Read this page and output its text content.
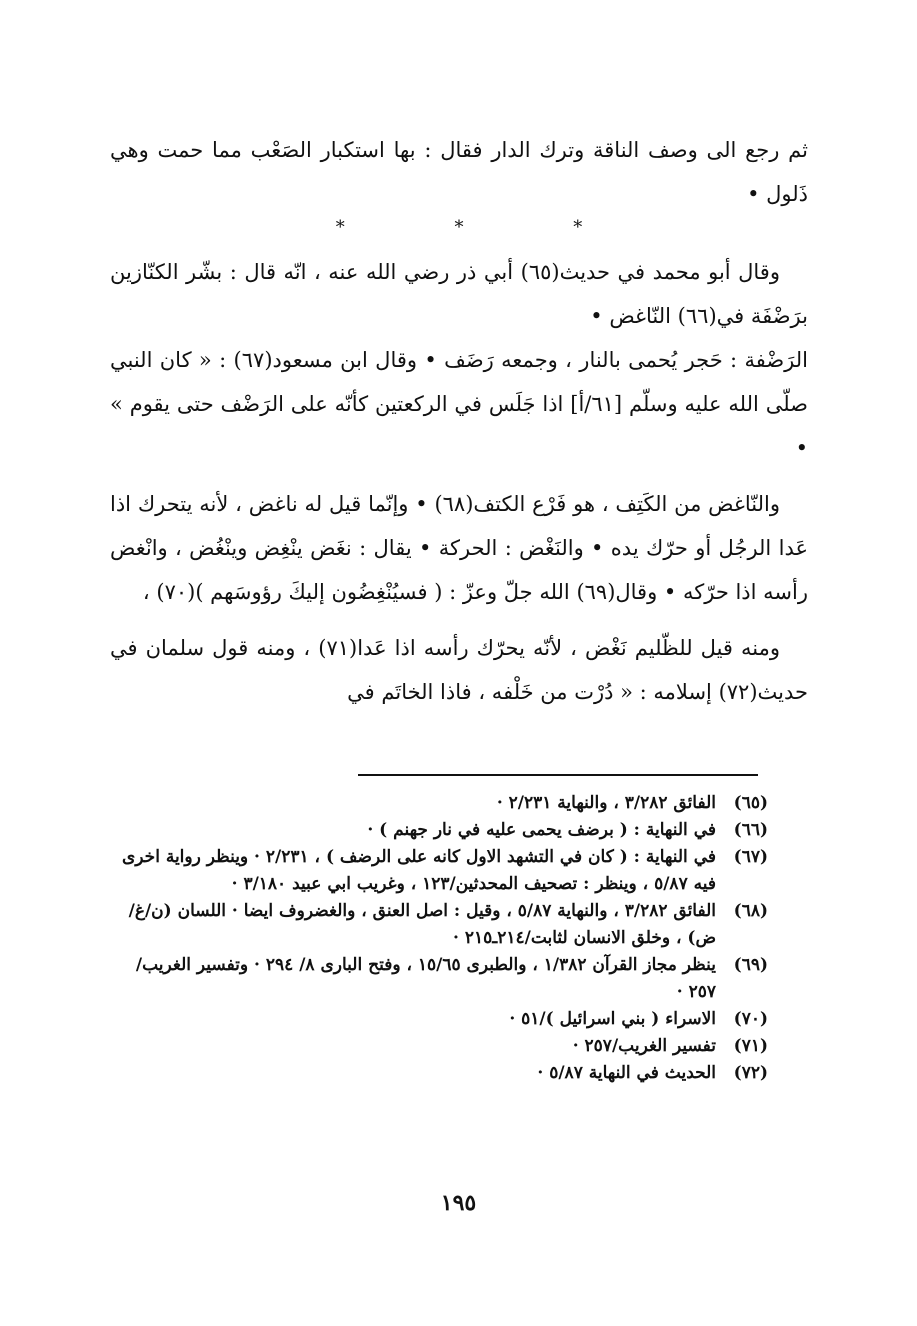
ثم رجع الى وصف الناقة وترك الدار فقال : بها استكبار الصَعْب مما حمت وهي ذَلول •

* * *

وقال أبو محمد في حديث(٦٥) أبي ذر رضي الله عنه ، انّه قال : بشّر الكنّازين برَضْفَة في(٦٦) النّاغض •

الرَضْفة : حَجر يُحمى بالنار ، وجمعه رَضَف • وقال ابن مسعود(٦٧) : « كان النبي صلّى الله عليه وسلّم [٦١/أ] اذا جَلَس في الركعتين كأنّه على الرَضْف حتى يقوم » •

والنّاغض من الكَتِف ، هو فَرْع الكتف(٦٨) • وإنّما قيل له ناغض ، لأنه يتحرك اذا عَدا الرجُل أو حرّك يده • والنَغْض : الحركة • يقال : نغَض ينْغِض وينْغُض ، وانْغض رأسه اذا حرّكه • وقال(٦٩) الله جلّ وعزّ : ( فسيُنْغِضُون إليكَ رؤوسَهم )(٧٠) ،

ومنه قيل للظّليم نَغْض ، لأنّه يحرّك رأسه اذا عَدا(٧١) ، ومنه قول سلمان في حديث(٧٢) إسلامه : « دُرْت من خَلْفه ، فاذا الخاتَم في

(٦٥)
الفائق ٣/٢٨٢ ، والنهاية ٢/٢٣١ ·
(٦٦)
في النهاية : ( برضف يحمى عليه في نار جهنم ) ·
(٦٧)
في النهاية : ( كان في التشهد الاول كانه على الرضف ) ، ٢/٢٣١ · وينظر رواية اخرى فيه ٥/٨٧ ، وينظر : تصحيف المحدثين/١٢٣ ، وغريب ابي عبيد ٣/١٨٠ ·
(٦٨)
الفائق ٣/٢٨٢ ، والنهاية ٥/٨٧ ، وقيل : اصل العنق ، والغضروف ايضا · اللسان (ن/غ/ض) ، وخلق الانسان لثابت/٢١٤ـ٢١٥ ·
(٦٩)
ينظر مجاز القرآن ١/٣٨٢ ، والطبرى ١٥/٦٥ ، وفتح البارى ٨/ ٢٩٤ · وتفسير الغريب/٢٥٧ ·
(٧٠)
الاسراء ( بني اسرائيل )/٥١ ·
(٧١)
تفسير الغريب/٢٥٧ ·
(٧٢)
الحديث في النهاية ٥/٨٧ ·
١٩٥
